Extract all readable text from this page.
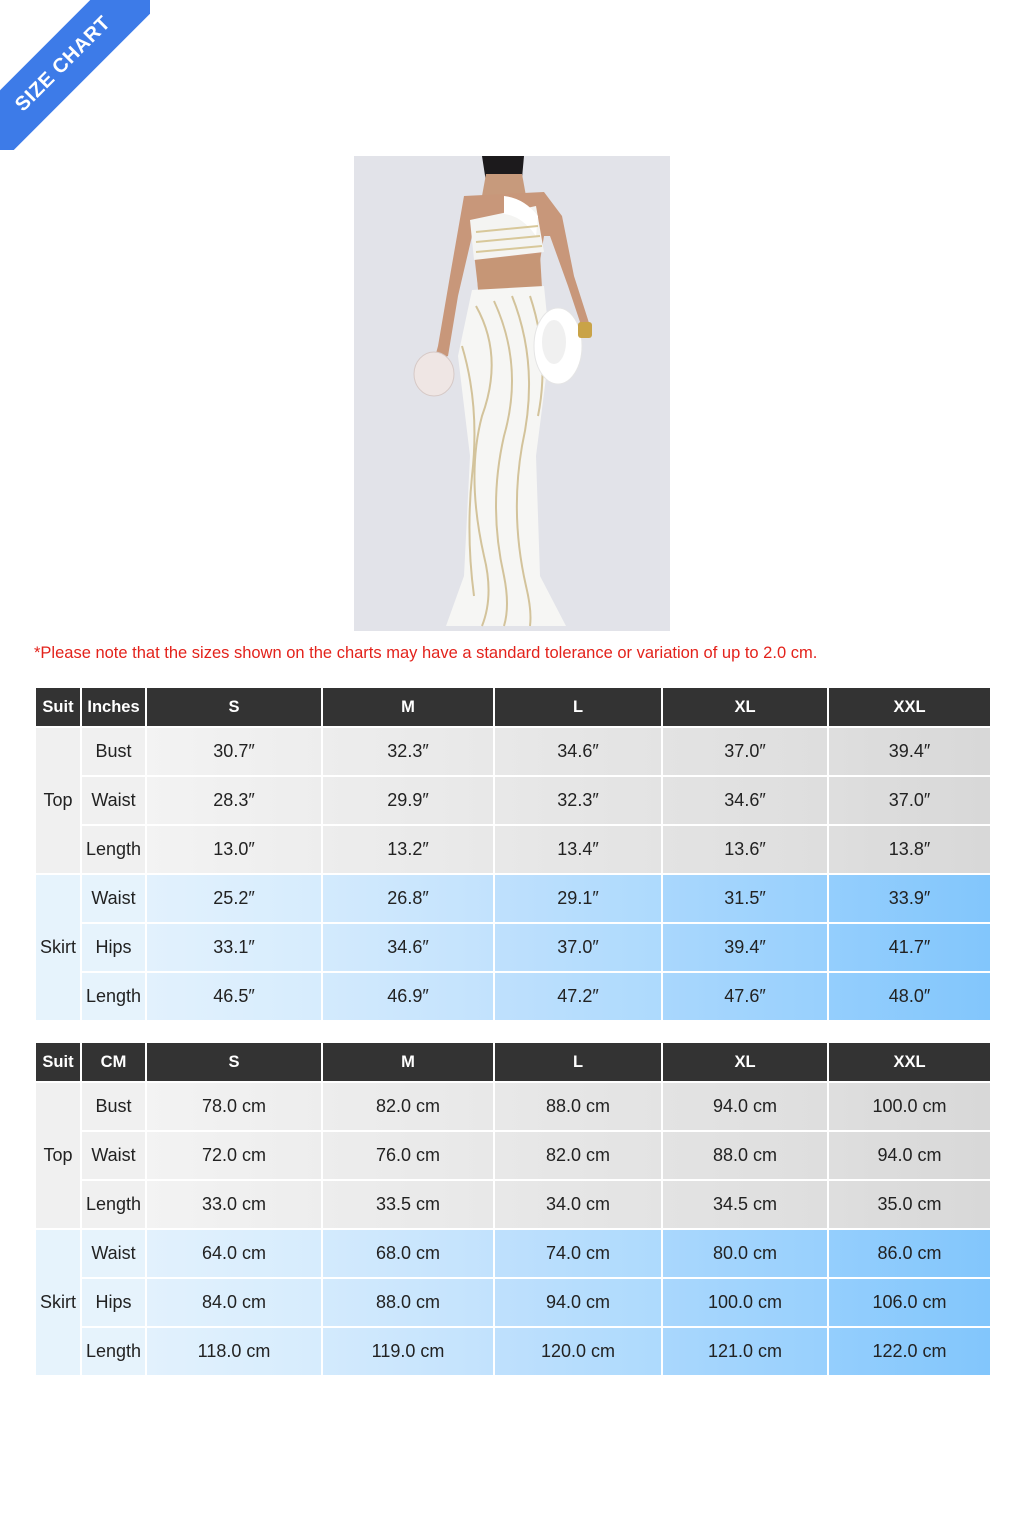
SIZE CHART
*Please note that the sizes shown on the charts may have a standard tolerance or variation of up to 2.0 cm.
Suit	Inches	S	M	L	XL	XXL
Top	Bust	30.7″	32.3″	34.6″	37.0″	39.4″
	Waist	28.3″	29.9″	32.3″	34.6″	37.0″
	Length	13.0″	13.2″	13.4″	13.6″	13.8″
Skirt	Waist	25.2″	26.8″	29.1″	31.5″	33.9″
	Hips	33.1″	34.6″	37.0″	39.4″	41.7″
	Length	46.5″	46.9″	47.2″	47.6″	48.0″
Suit	CM	S	M	L	XL	XXL
Top	Bust	78.0 cm	82.0 cm	88.0 cm	94.0 cm	100.0 cm
	Waist	72.0 cm	76.0 cm	82.0 cm	88.0 cm	94.0 cm
	Length	33.0 cm	33.5 cm	34.0 cm	34.5 cm	35.0 cm
Skirt	Waist	64.0 cm	68.0 cm	74.0 cm	80.0 cm	86.0 cm
	Hips	84.0 cm	88.0 cm	94.0 cm	100.0 cm	106.0 cm
	Length	118.0 cm	119.0 cm	120.0 cm	121.0 cm	122.0 cm
